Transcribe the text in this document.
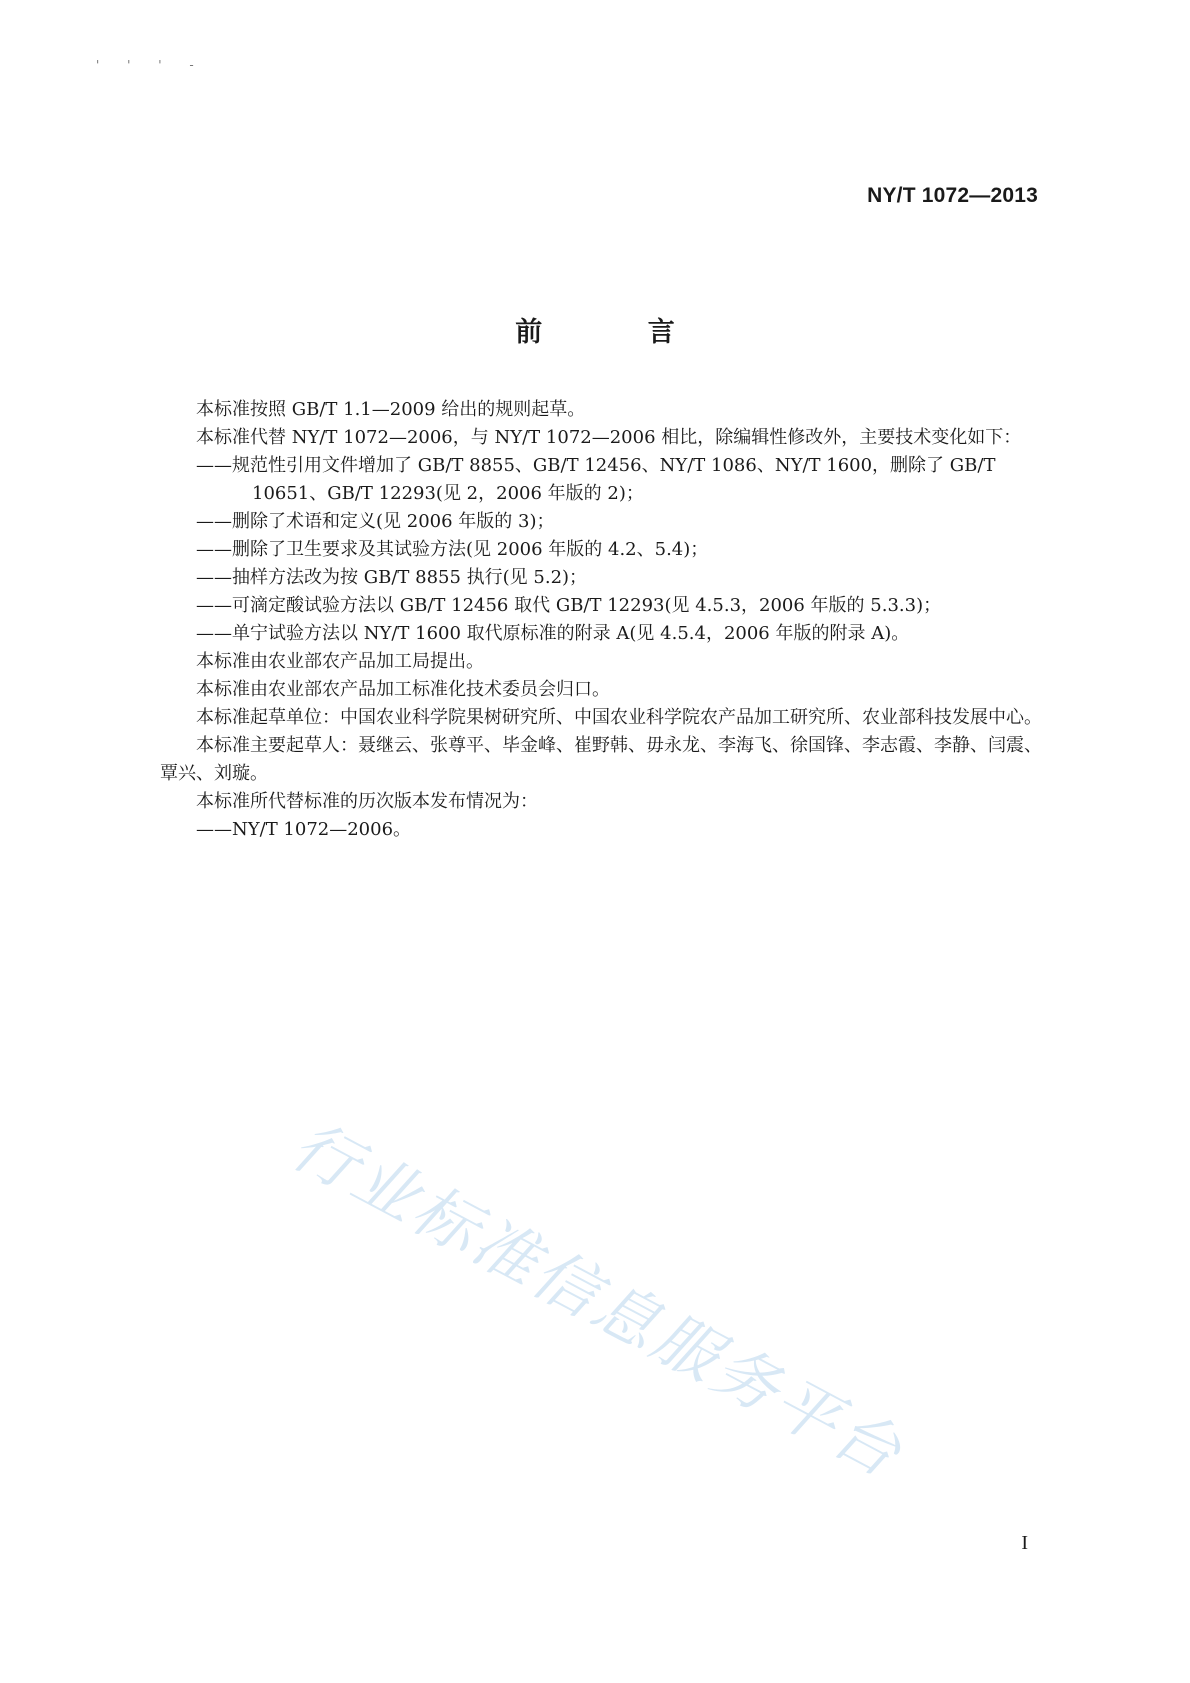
' ' ' -
NY/T 1072—2013
前 言

本标准按照 GB/T 1.1—2009 给出的规则起草。

本标准代替 NY/T 1072—2006，与 NY/T 1072—2006 相比，除编辑性修改外，主要技术变化如下：

——规范性引用文件增加了 GB/T 8855、GB/T 12456、NY/T 1086、NY/T 1600，删除了 GB/T 10651、GB/T 12293(见 2，2006 年版的 2)；

——删除了术语和定义(见 2006 年版的 3)；

——删除了卫生要求及其试验方法(见 2006 年版的 4.2、5.4)；

——抽样方法改为按 GB/T 8855 执行(见 5.2)；

——可滴定酸试验方法以 GB/T 12456 取代 GB/T 12293(见 4.5.3，2006 年版的 5.3.3)；

——单宁试验方法以 NY/T 1600 取代原标准的附录 A(见 4.5.4，2006 年版的附录 A)。

本标准由农业部农产品加工局提出。

本标准由农业部农产品加工标准化技术委员会归口。

本标准起草单位：中国农业科学院果树研究所、中国农业科学院农产品加工研究所、农业部科技发展中心。

本标准主要起草人：聂继云、张尊平、毕金峰、崔野韩、毋永龙、李海飞、徐国锋、李志霞、李静、闫震、覃兴、刘璇。

本标准所代替标准的历次版本发布情况为：

——NY/T 1072—2006。

行业标准信息服务平台
I
